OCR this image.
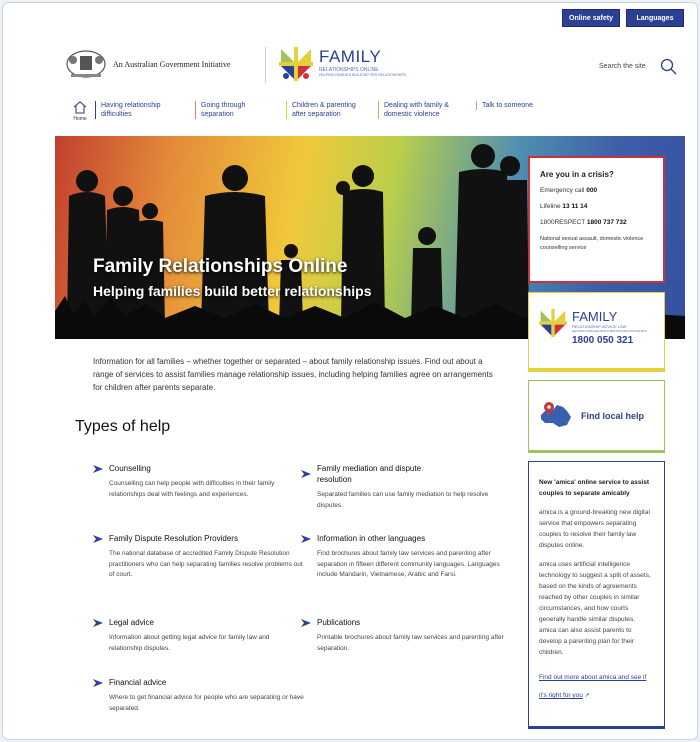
Online safety	Languages
An Australian Government Initiative	FAMILY
RELATIONSHIPS ONLINE
HELPING FAMILIES BUILD BETTER RELATIONSHIPS
Search the site
Home
Having relationship difficulties
Going through separation
Children & parenting after separation
Dealing with family & domestic violence
Talk to someone
Family Relationships Online
Helping families build better relationships
Are you in a crisis?
Emergency call 000
Lifeline 13 11 14
1800RESPECT 1800 737 732
National sexual assault, domestic violence counselling service
FAMILY
RELATIONSHIP ADVICE LINE
HELPING FAMILIES BUILD BETTER RELATIONSHIPS
1800 050 321
Find local help
New 'amica' online service to assist couples to separate amicably

amica is a ground-breaking new digital service that empowers separating couples to resolve their family law disputes online.

amica uses artificial intelligence technology to suggest a split of assets, based on the kinds of agreements reached by other couples in similar circumstances, and how courts generally handle similar disputes. amica can also assist parents to develop a parenting plan for their children.

Find out more about amica and see if it's right for you ↗
Information for all families – whether together or separated – about family relationship issues. Find out about a range of services to assist families manage relationship issues, including helping families agree on arrangements for children after parents separate.
Types of help
Counselling
Counselling can help people with difficulties in their family relationships deal with feelings and experiences.
Family mediation and dispute resolution
Separated families can use family mediation to help resolve disputes.
Family Dispute Resolution Providers
The national database of accredited Family Dispute Resolution practitioners who can help separating families resolve problems out of court.
Information in other languages
Find brochures about family law services and parenting after separation in fifteen different community languages. Languages include Mandarin, Vietnamese, Arabic and Farsi.
Legal advice
Information about getting legal advice for family law and relationship disputes.
Publications
Printable brochures about family law services and parenting after separation.
Financial advice
Where to get financial advice for people who are separating or have separated.
